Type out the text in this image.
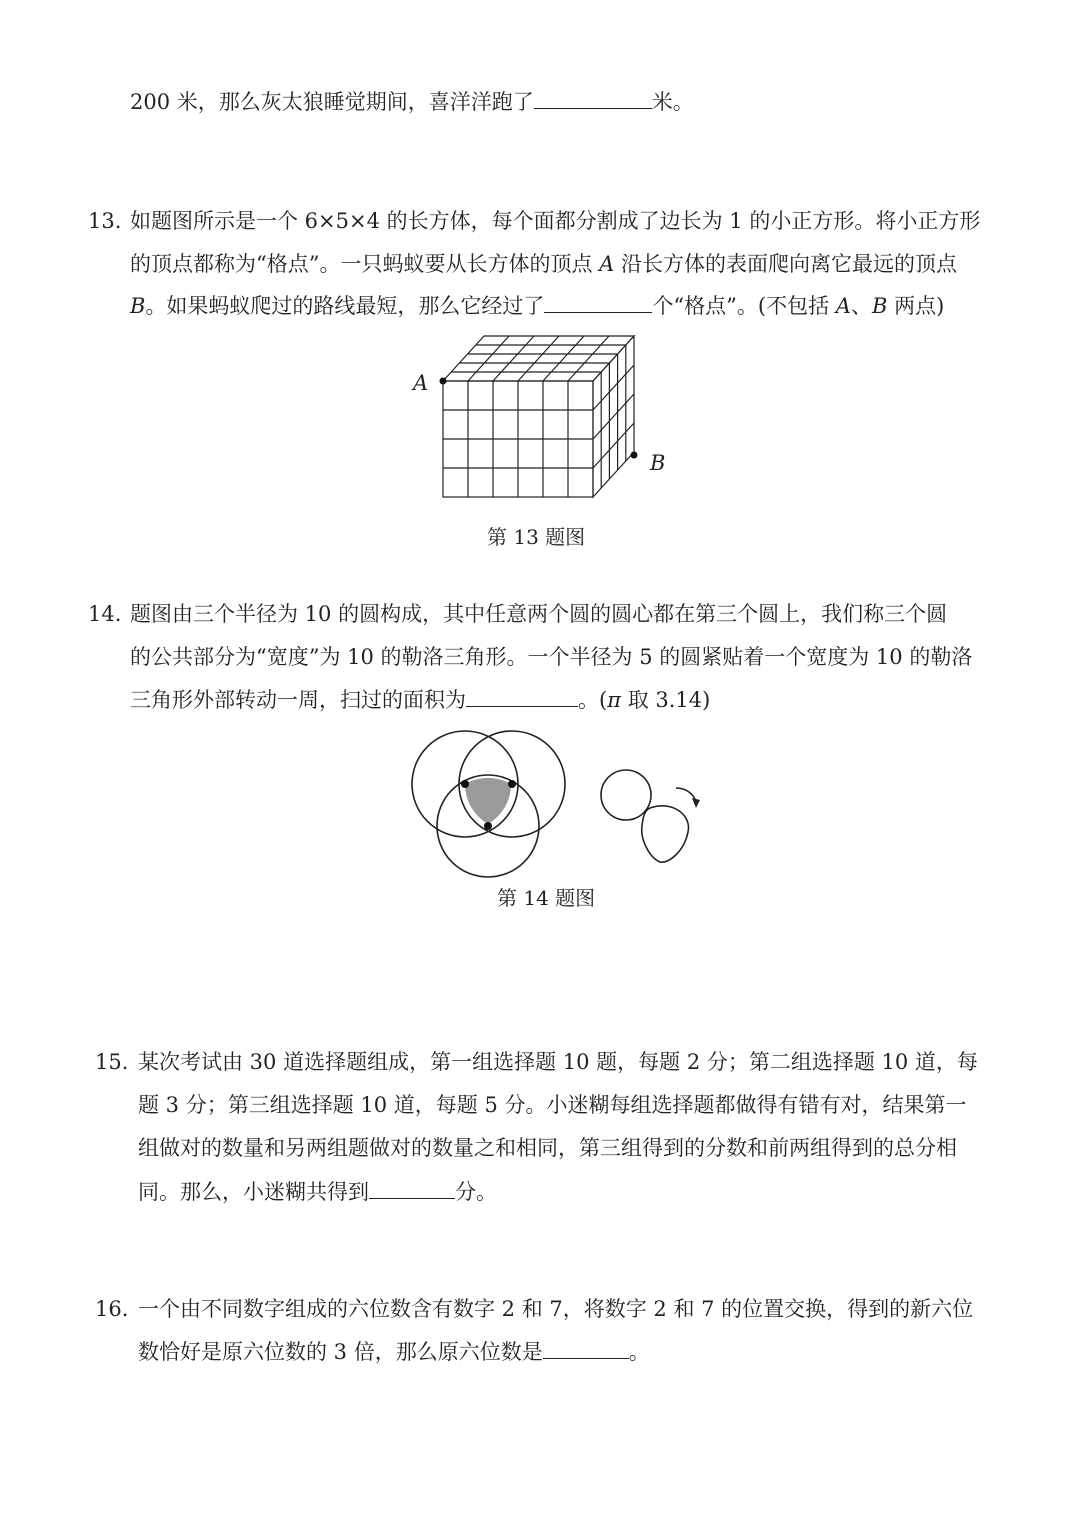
200 米，那么灰太狼睡觉期间，喜洋洋跑了	米。
13. 如题图所示是一个 6×5×4 的长方体，每个面都分割成了边长为 1 的小正方形。将小正方形
的顶点都称为“格点”。一只蚂蚁要从长方体的顶点 A 沿长方体的表面爬向离它最远的顶点
B。如果蚂蚁爬过的路线最短，那么它经过了	个“格点”。(不包括 A、B 两点)
A
B
第 13 题图
14. 题图由三个半径为 10 的圆构成，其中任意两个圆的圆心都在第三个圆上，我们称三个圆
的公共部分为“宽度”为 10 的勒洛三角形。一个半径为 5 的圆紧贴着一个宽度为 10 的勒洛
三角形外部转动一周，扫过的面积为	。(π 取 3.14)
第 14 题图
15. 某次考试由 30 道选择题组成，第一组选择题 10 题，每题 2 分；第二组选择题 10 道，每
题 3 分；第三组选择题 10 道，每题 5 分。小迷糊每组选择题都做得有错有对，结果第一
组做对的数量和另两组题做对的数量之和相同，第三组得到的分数和前两组得到的总分相
同。那么，小迷糊共得到	分。
16. 一个由不同数字组成的六位数含有数字 2 和 7，将数字 2 和 7 的位置交换，得到的新六位
数恰好是原六位数的 3 倍，那么原六位数是	。
